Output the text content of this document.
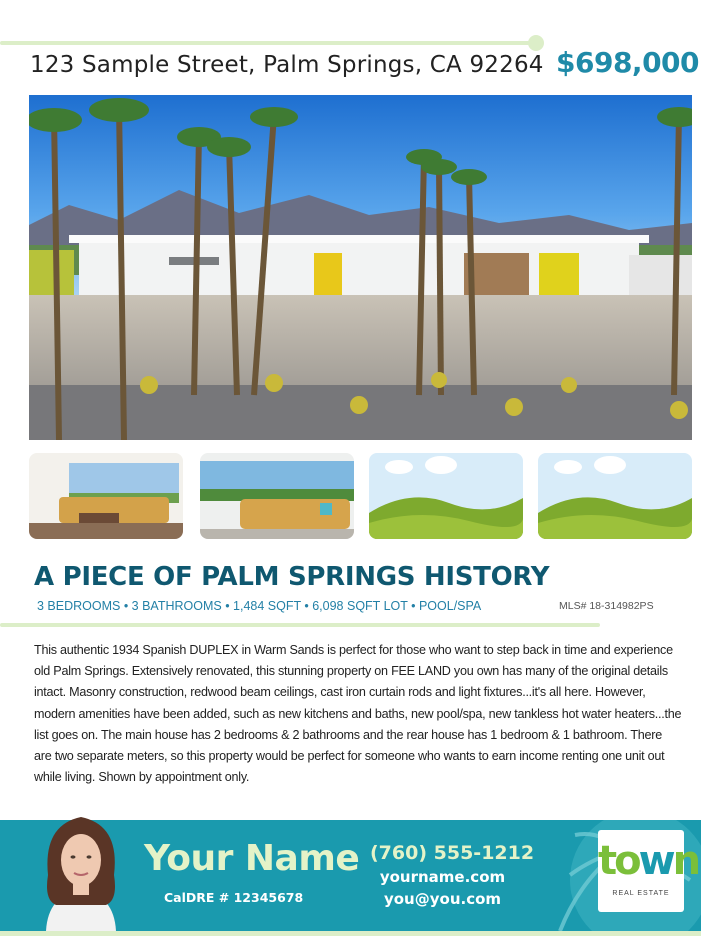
123 Sample Street, Palm Springs, CA 92264 $698,000
A PIECE OF PALM SPRINGS HISTORY
3 BEDROOMS • 3 BATHROOMS • 1,484 SQFT • 6,098 SQFT LOT • POOL/SPA	MLS# 18-314982PS
This authentic 1934 Spanish DUPLEX in Warm Sands is perfect for those who want to step back in time and experience old Palm Springs. Extensively renovated, this stunning property on FEE LAND you own has many of the original details intact. Masonry construction, redwood beam ceilings, cast iron curtain rods and light fixtures...it's all here. However, modern amenities have been added, such as new kitchens and baths, new pool/spa, new tankless hot water heaters...the list goes on. The main house has 2 bedrooms & 2 bathrooms and the rear house has 1 bedroom & 1 bathroom. There are two separate meters, so this property would be perfect for someone who wants to earn income renting one unit out while living. Shown by appointment only.
Your Name
CalDRE # 12345678
(760) 555-1212
yourname.com
you@you.com
town
REAL ESTATE
